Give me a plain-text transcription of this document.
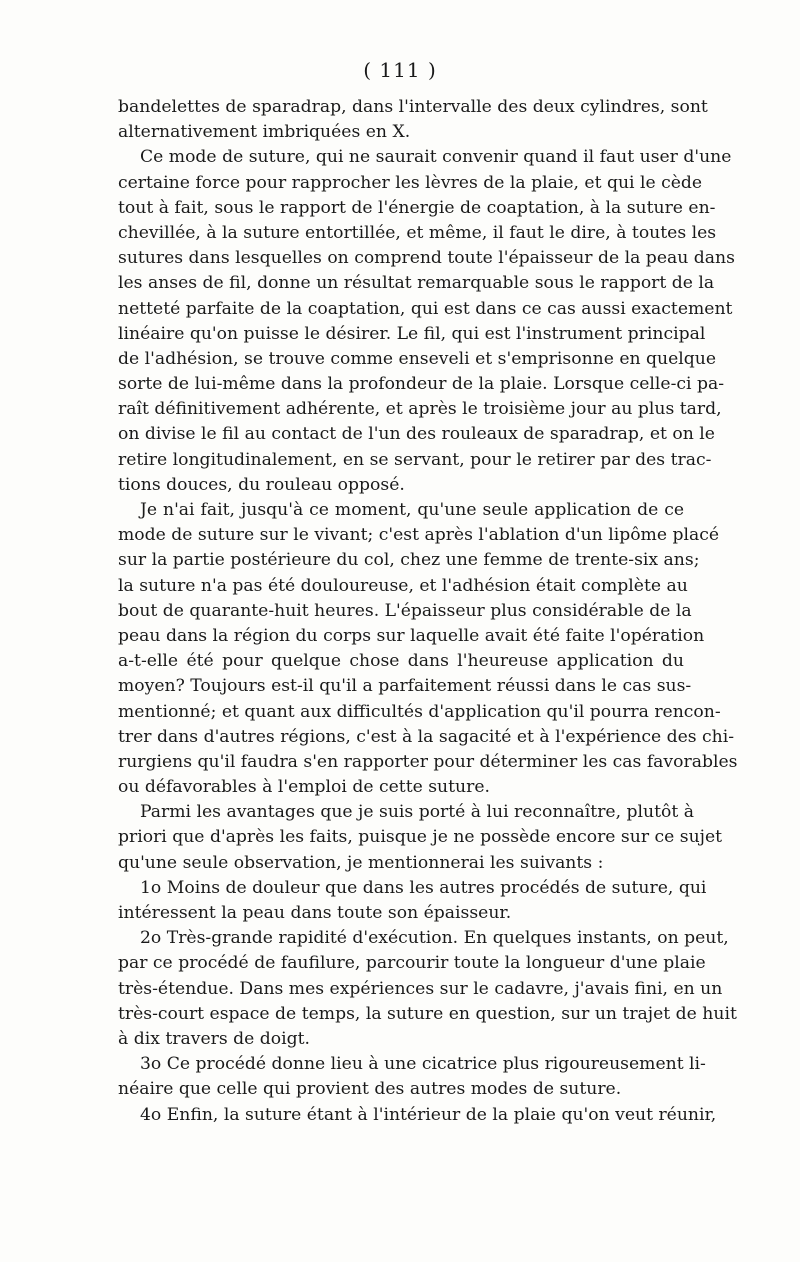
( 111 )
bandelettes de sparadrap, dans l'intervalle des deux cylindres, sont
alternativement imbriquées en X.
Ce mode de suture, qui ne saurait convenir quand il faut user d'une
certaine force pour rapprocher les lèvres de la plaie, et qui le cède
tout à fait, sous le rapport de l'énergie de coaptation, à la suture en-
chevillée, à la suture entortillée, et même, il faut le dire, à toutes les
sutures dans lesquelles on comprend toute l'épaisseur de la peau dans
les anses de fil, donne un résultat remarquable sous le rapport de la
netteté parfaite de la coaptation, qui est dans ce cas aussi exactement
linéaire qu'on puisse le désirer. Le fil, qui est l'instrument principal
de l'adhésion, se trouve comme enseveli et s'emprisonne en quelque
sorte de lui-même dans la profondeur de la plaie. Lorsque celle-ci pa-
raît définitivement adhérente, et après le troisième jour au plus tard,
on divise le fil au contact de l'un des rouleaux de sparadrap, et on le
retire longitudinalement, en se servant, pour le retirer par des trac-
tions douces, du rouleau opposé.
Je n'ai fait, jusqu'à ce moment, qu'une seule application de ce
mode de suture sur le vivant; c'est après l'ablation d'un lipôme placé
sur la partie postérieure du col, chez une femme de trente-six ans;
la suture n'a pas été douloureuse, et l'adhésion était complète au
bout de quarante-huit heures. L'épaisseur plus considérable de la
peau dans la région du corps sur laquelle avait été faite l'opération
a-t-elle été pour quelque chose dans l'heureuse application du
moyen? Toujours est-il qu'il a parfaitement réussi dans le cas sus-
mentionné; et quant aux difficultés d'application qu'il pourra rencon-
trer dans d'autres régions, c'est à la sagacité et à l'expérience des chi-
rurgiens qu'il faudra s'en rapporter pour déterminer les cas favorables
ou défavorables à l'emploi de cette suture.
Parmi les avantages que je suis porté à lui reconnaître, plutôt à
priori que d'après les faits, puisque je ne possède encore sur ce sujet
qu'une seule observation, je mentionnerai les suivants :
1o Moins de douleur que dans les autres procédés de suture, qui
intéressent la peau dans toute son épaisseur.
2o Très-grande rapidité d'exécution. En quelques instants, on peut,
par ce procédé de faufilure, parcourir toute la longueur d'une plaie
très-étendue. Dans mes expériences sur le cadavre, j'avais fini, en un
très-court espace de temps, la suture en question, sur un trajet de huit
à dix travers de doigt.
3o Ce procédé donne lieu à une cicatrice plus rigoureusement li-
néaire que celle qui provient des autres modes de suture.
4o Enfin, la suture étant à l'intérieur de la plaie qu'on veut réunir,
